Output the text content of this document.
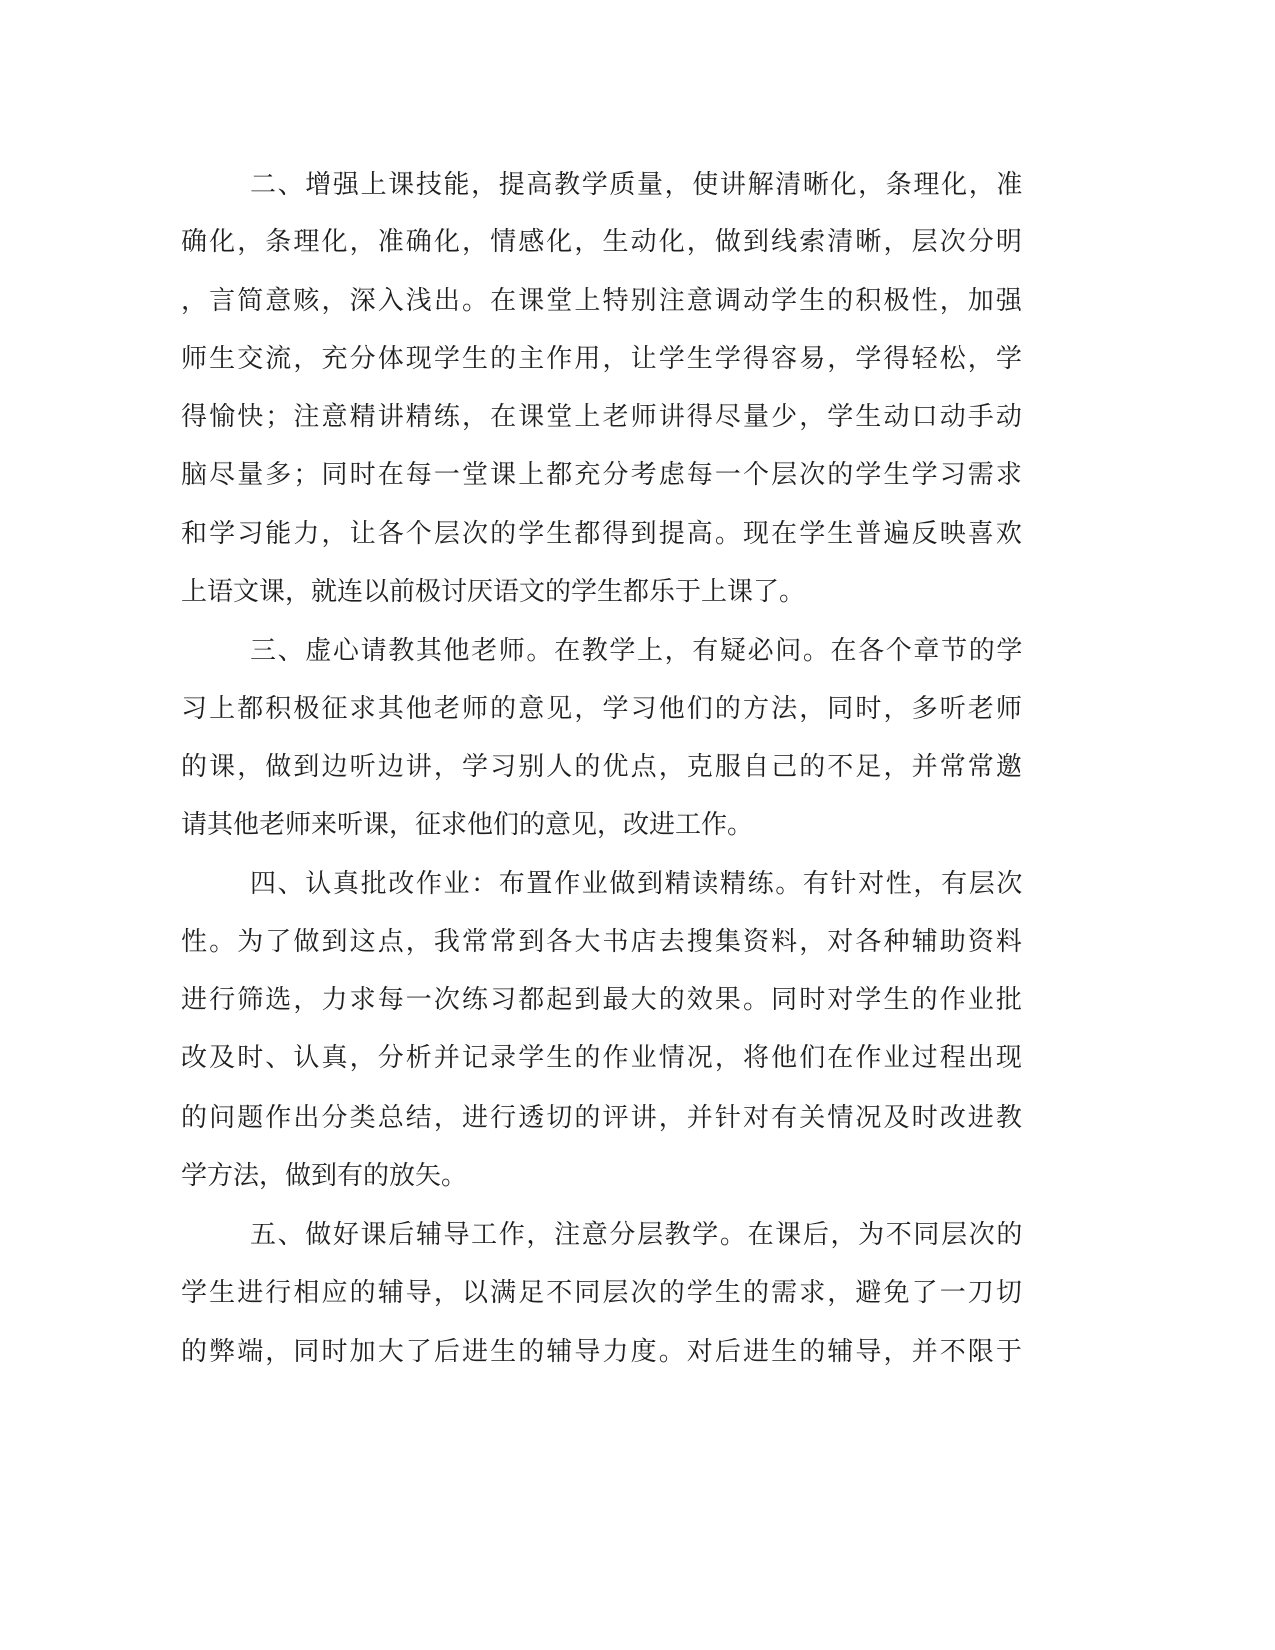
二、增强上课技能，提高教学质量，使讲解清晰化，条理化，准
确化，条理化，准确化，情感化，生动化，做到线索清晰，层次分明
，言简意赅，深入浅出。在课堂上特别注意调动学生的积极性，加强
师生交流，充分体现学生的主作用，让学生学得容易，学得轻松，学
得愉快；注意精讲精练，在课堂上老师讲得尽量少，学生动口动手动
脑尽量多；同时在每一堂课上都充分考虑每一个层次的学生学习需求
和学习能力，让各个层次的学生都得到提高。现在学生普遍反映喜欢
上语文课，就连以前极讨厌语文的学生都乐于上课了。
三、虚心请教其他老师。在教学上，有疑必问。在各个章节的学
习上都积极征求其他老师的意见，学习他们的方法，同时，多听老师
的课，做到边听边讲，学习别人的优点，克服自己的不足，并常常邀
请其他老师来听课，征求他们的意见，改进工作。
四、认真批改作业：布置作业做到精读精练。有针对性，有层次
性。为了做到这点，我常常到各大书店去搜集资料，对各种辅助资料
进行筛选，力求每一次练习都起到最大的效果。同时对学生的作业批
改及时、认真，分析并记录学生的作业情况，将他们在作业过程出现
的问题作出分类总结，进行透切的评讲，并针对有关情况及时改进教
学方法，做到有的放矢。
五、做好课后辅导工作，注意分层教学。在课后，为不同层次的
学生进行相应的辅导，以满足不同层次的学生的需求，避免了一刀切
的弊端，同时加大了后进生的辅导力度。对后进生的辅导，并不限于
